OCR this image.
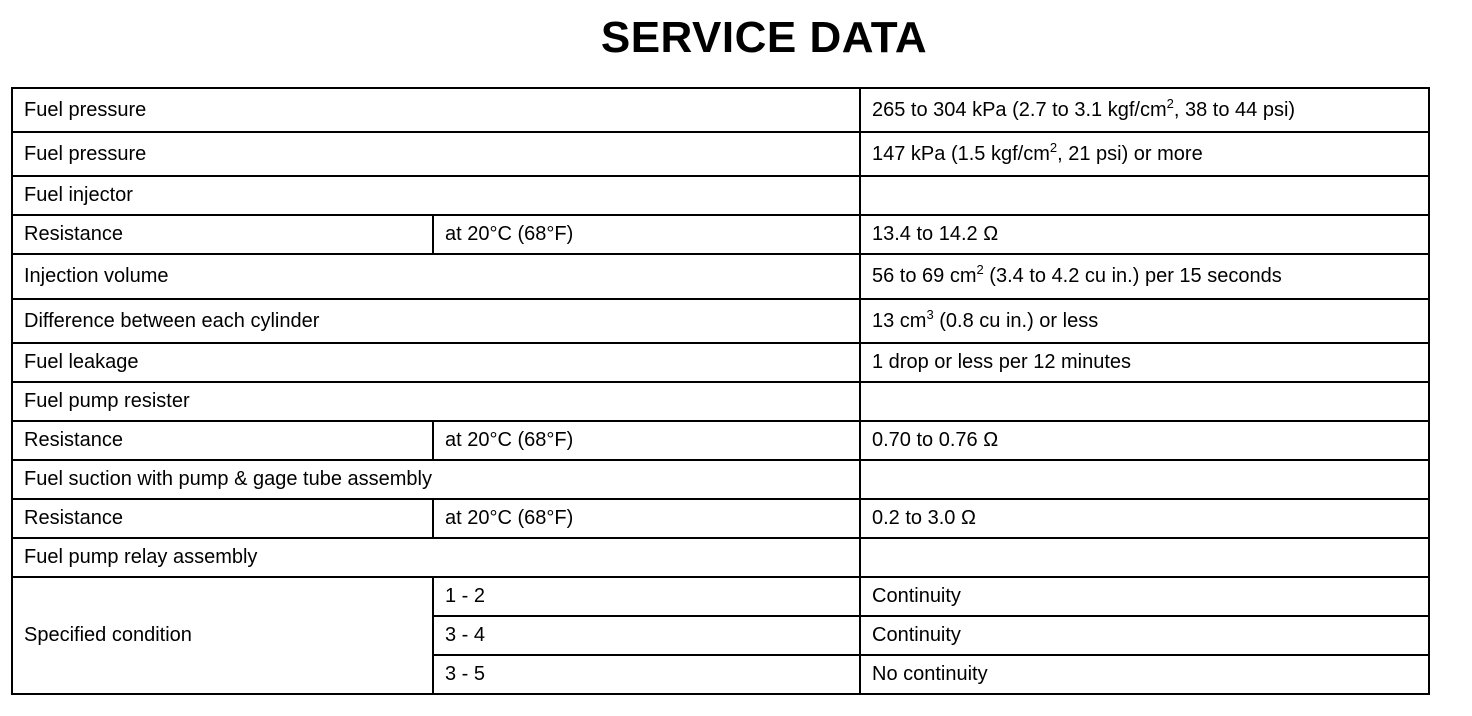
SERVICE DATA
Fuel pressure		265 to 304 kPa (2.7 to 3.1 kgf/$cm^2$, 38 to 44 psi)
Fuel pressure		147 kPa (1.5 kgf/$cm^2$, 21 psi) or more
Fuel injector		
Resistance	at 20°C (68°F)	13.4 to 14.2 Ω
Injection volume		56 to 69 $cm^2$ (3.4 to 4.2 cu in.) per 15 seconds
Difference between each cylinder		13 $cm^3$ (0.8 cu in.) or less
Fuel leakage		1 drop or less per 12 minutes
Fuel pump resister		
Resistance	at 20°C (68°F)	0.70 to 0.76 Ω
Fuel suction with pump & gage tube assembly		
Resistance	at 20°C (68°F)	0.2 to 3.0 Ω
Fuel pump relay assembly		
Specified condition	1 - 2	Continuity
	3 - 4	Continuity
	3 - 5	No continuity
